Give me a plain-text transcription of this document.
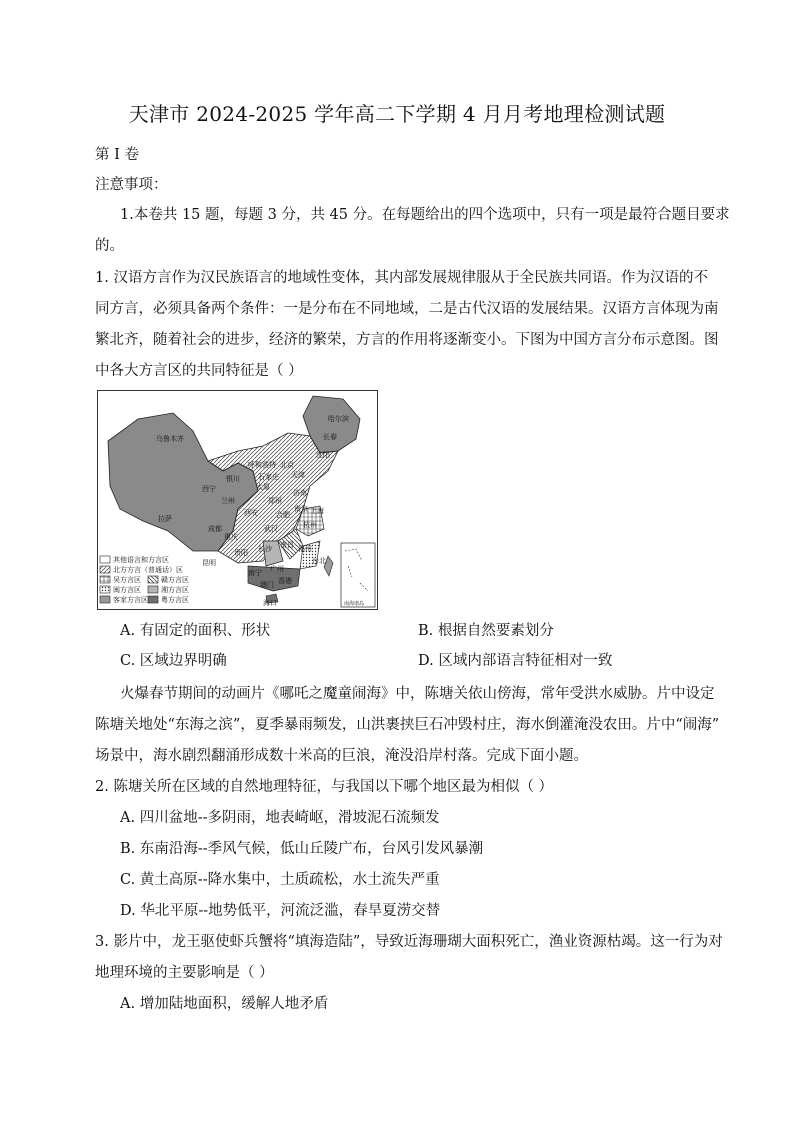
天津市 2024-2025 学年高二下学期 4 月月考地理检测试题
第 I 卷
注意事项：
1.本卷共 15 题，每题 3 分，共 45 分。在每题给出的四个选项中，只有一项是最符合题目要求
的。
1. 汉语方言作为汉民族语言的地域性变体，其内部发展规律服从于全民族共同语。作为汉语的不
同方言，必须具备两个条件：一是分布在不同地域，二是古代汉语的发展结果。汉语方言体现为南
繁北齐，随着社会的进步，经济的繁荣，方言的作用将逐渐变小。下图为中国方言分布示意图。图
中各大方言区的共同特征是（ ）
乌鲁木齐
哈尔滨
长春
沈阳
呼和浩特 北京
天津
石家庄
银川
太原
济南
西宁
兰州	郑州
西安	合肥
南京 上海
拉萨
成都
重庆
武汉	杭州
长沙 南昌
贵阳	福州
台北
昆明
南宁 广州
香港
澳门
海口
其他语言和方言区
北方方言（普通话）区
吴方言区	赣方言区
闽方言区	湘方言区
客家方言区 粤方言区	南海诸岛
A. 有固定的面积、形状	B. 根据自然要素划分
C. 区域边界明确	D. 区域内部语言特征相对一致
火爆春节期间的动画片《哪吒之魔童闹海》中，陈塘关依山傍海，常年受洪水威胁。片中设定
陈塘关地处“东海之滨”，夏季暴雨频发，山洪裹挟巨石冲毁村庄，海水倒灌淹没农田。片中“闹海”
场景中，海水剧烈翻涌形成数十米高的巨浪，淹没沿岸村落。完成下面小题。
2. 陈塘关所在区域的自然地理特征，与我国以下哪个地区最为相似（ ）
A. 四川盆地--多阴雨，地表崎岖，滑坡泥石流频发
B. 东南沿海--季风气候，低山丘陵广布，台风引发风暴潮
C. 黄土高原--降水集中，土质疏松，水土流失严重
D. 华北平原--地势低平，河流泛滥，春旱夏涝交替
3. 影片中，龙王驱使虾兵蟹将“填海造陆”，导致近海珊瑚大面积死亡，渔业资源枯竭。这一行为对
地理环境的主要影响是（ ）
A. 增加陆地面积，缓解人地矛盾
